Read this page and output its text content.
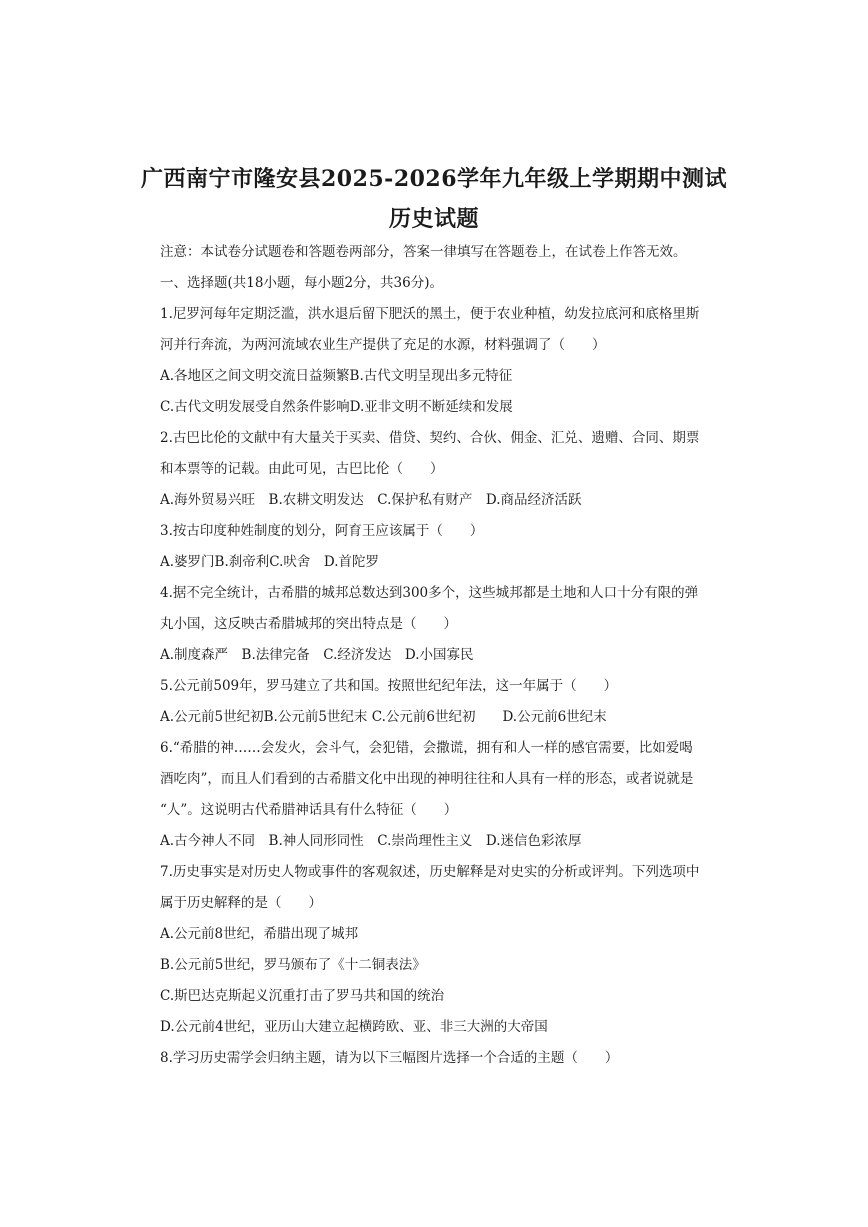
广西南宁市隆安县2025-2026学年九年级上学期期中测试
历史试题
注意：本试卷分试题卷和答题卷两部分，答案一律填写在答题卷上，在试卷上作答无效。
一、选择题(共18小题，每小题2分，共36分)。
1.尼罗河每年定期泛滥，洪水退后留下肥沃的黑土，便于农业种植，幼发拉底河和底格里斯
河并行奔流，为两河流域农业生产提供了充足的水源，材料强调了（　　）
A.各地区之间文明交流日益频繁B.古代文明呈现出多元特征
C.古代文明发展受自然条件影响D.亚非文明不断延续和发展
2.古巴比伦的文献中有大量关于买卖、借贷、契约、合伙、佣金、汇兑、遗赠、合同、期票
和本票等的记载。由此可见，古巴比伦（　　）
A.海外贸易兴旺　B.农耕文明发达　C.保护私有财产　D.商品经济活跃
3.按古印度种姓制度的划分，阿育王应该属于（　　）
A.婆罗门B.刹帝利C.吠舍　D.首陀罗
4.据不完全统计，古希腊的城邦总数达到300多个，这些城邦都是土地和人口十分有限的弹
丸小国，这反映古希腊城邦的突出特点是（　　）
A.制度森严　B.法律完备　C.经济发达　D.小国寡民
5.公元前509年，罗马建立了共和国。按照世纪纪年法，这一年属于（　　）
A.公元前5世纪初B.公元前5世纪末 C.公元前6世纪初　　D.公元前6世纪末
6.“希腊的神……会发火，会斗气，会犯错，会撒谎，拥有和人一样的感官需要，比如爱喝
酒吃肉”，而且人们看到的古希腊文化中出现的神明往往和人具有一样的形态，或者说就是
“人”。这说明古代希腊神话具有什么特征（　　）
A.古今神人不同　B.神人同形同性　C.崇尚理性主义　D.迷信色彩浓厚
7.历史事实是对历史人物或事件的客观叙述，历史解释是对史实的分析或评判。下列选项中
属于历史解释的是（　　）
A.公元前8世纪，希腊出现了城邦
B.公元前5世纪，罗马颁布了《十二铜表法》
C.斯巴达克斯起义沉重打击了罗马共和国的统治
D.公元前4世纪，亚历山大建立起横跨欧、亚、非三大洲的大帝国
8.学习历史需学会归纳主题，请为以下三幅图片选择一个合适的主题（　　）
